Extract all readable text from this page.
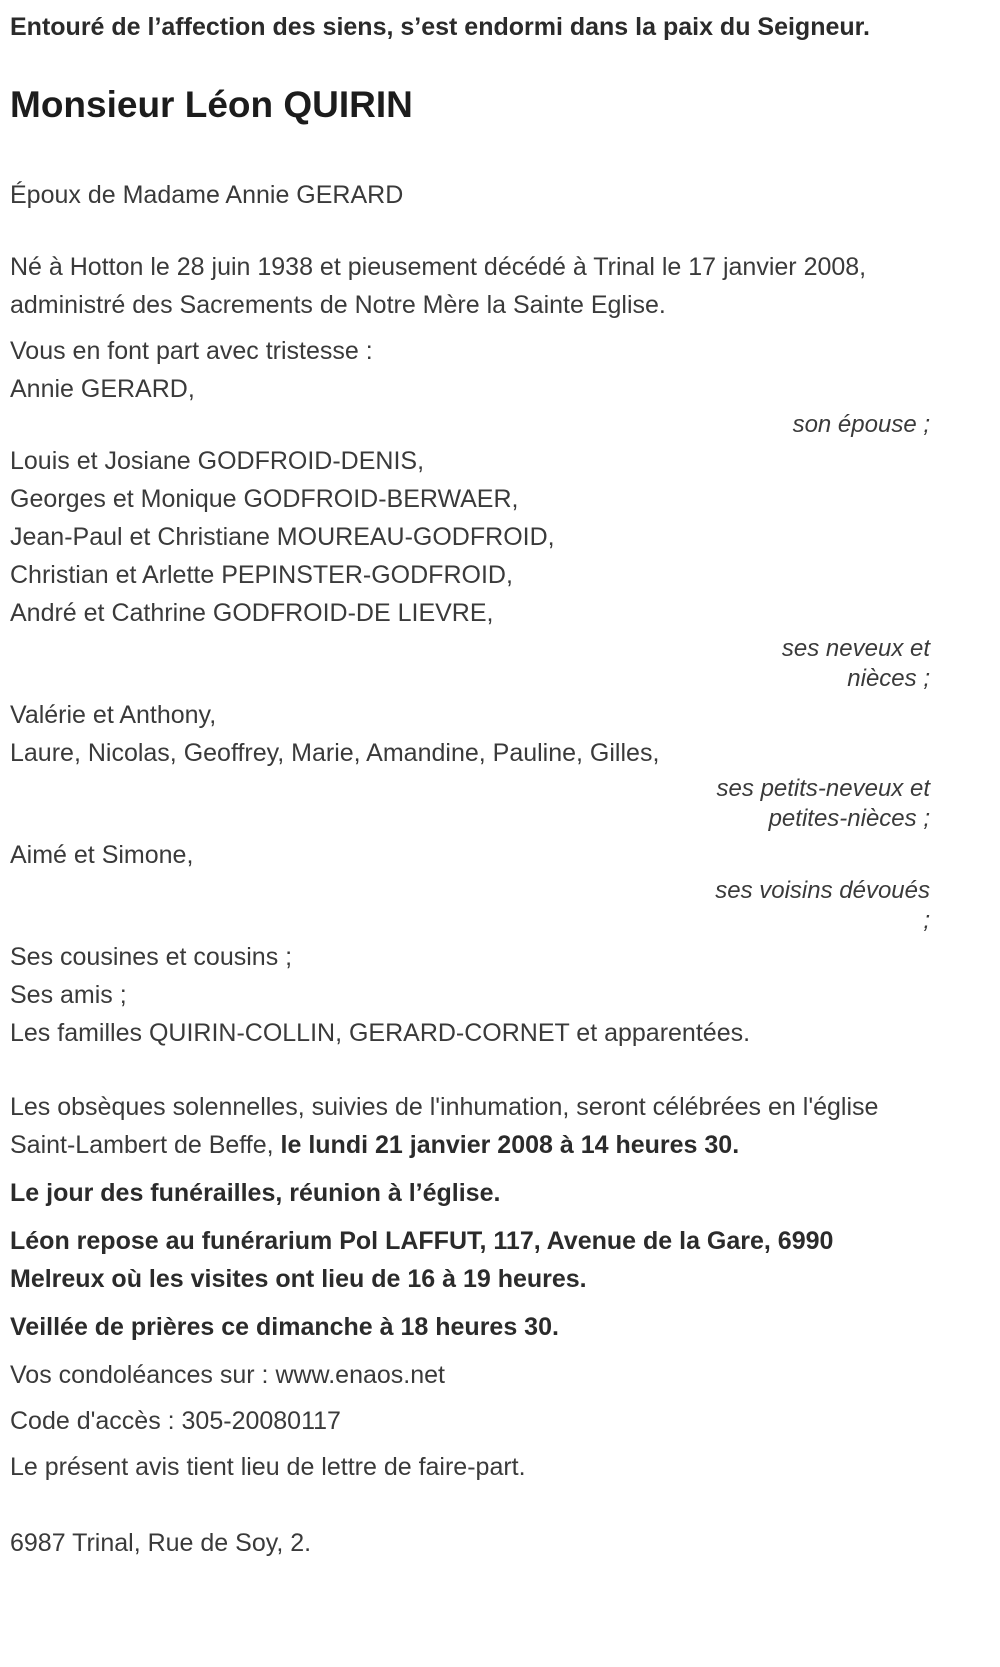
Entouré de l’affection des siens, s’est endormi dans la paix du Seigneur.

Monsieur Léon QUIRIN

Époux de Madame Annie GERARD

Né à Hotton le 28 juin 1938 et pieusement décédé à Trinal le 17 janvier 2008, administré des Sacrements de Notre Mère la Sainte Eglise.

Vous en font part avec tristesse :

Annie GERARD,

son épouse ;

Louis et Josiane GODFROID-DENIS,

Georges et Monique GODFROID-BERWAER,

Jean-Paul et Christiane MOUREAU-GODFROID,

Christian et Arlette PEPINSTER-GODFROID,

André et Cathrine GODFROID-DE LIEVRE,

ses neveux et
nièces ;

Valérie et Anthony,

Laure, Nicolas, Geoffrey, Marie, Amandine, Pauline, Gilles,

ses petits-neveux et
petites-nièces ;

Aimé et Simone,

ses voisins dévoués
;

Ses cousines et cousins ;

Ses amis ;

Les familles QUIRIN-COLLIN, GERARD-CORNET et apparentées.

Les obsèques solennelles, suivies de l'inhumation, seront célébrées en l'église Saint-Lambert de Beffe, le lundi 21 janvier 2008 à 14 heures 30.

Le jour des funérailles, réunion à l’église.

Léon repose au funérarium Pol LAFFUT, 117, Avenue de la Gare, 6990 Melreux où les visites ont lieu de 16 à 19 heures.

Veillée de prières ce dimanche à 18 heures 30.

Vos condoléances sur : www.enaos.net

Code d'accès : 305-20080117

Le présent avis tient lieu de lettre de faire-part.

6987 Trinal, Rue de Soy, 2.
